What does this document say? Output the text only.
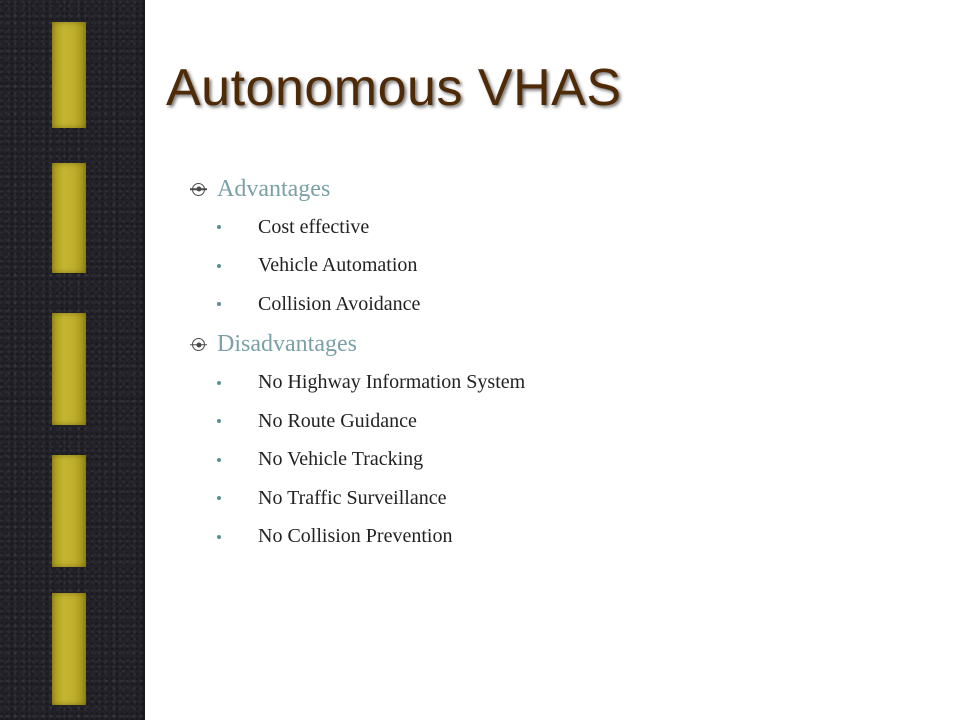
Autonomous VHAS
Advantages
Cost effective
Vehicle Automation
Collision Avoidance
Disadvantages
No Highway Information System
No Route Guidance
No Vehicle Tracking
No Traffic Surveillance
No Collision Prevention
